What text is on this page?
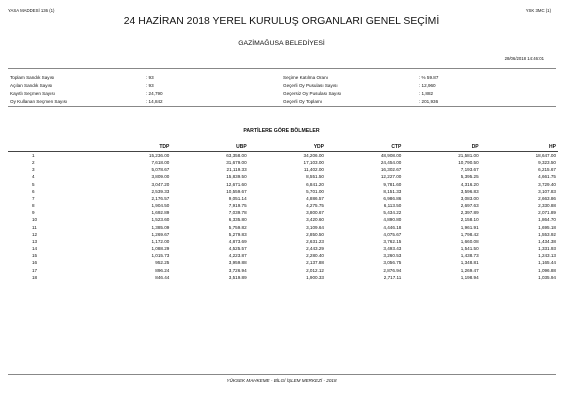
YASA MADDESİ 136 (1)	YSK 3MC (1)
24 HAZİRAN 2018 YEREL KURULUŞ ORGANLARI GENEL SEÇİMİ
GAZİMAĞUSA BELEDİYESİ
28/06/2018 14:46:01
Toplam Sandık Sayısı	: 93
Açılan Sandık Sayısı	: 93
Kayıtlı Seçmen Sayısı	: 24,790
Oy Kullanan Seçmen Sayısı	: 14,842
Seçime Katılma Oranı	: % 59.87
Geçerli Oy Pusulası Sayısı	: 12,960
Geçersiz Oy Pusulası Sayısı	: 1,882
Geçerli Oy Toplamı	: 201,936
PARTİLERE GÖRE BÖLMELER
	TDP	UBP	YDP	CTP	DP	HP
1	15,236.00	63,358.00	34,206.00	48,908.00	21,581.00	18,647.00
2	7,618.00	31,679.00	17,103.00	24,454.00	10,790.50	9,323.50
3	5,078.67	21,119.33	11,402.00	16,302.67	7,193.67	6,215.67
4	3,809.00	15,839.50	8,551.50	12,227.00	5,395.25	4,661.75
5	3,047.20	12,671.60	6,841.20	9,781.60	4,316.20	3,729.40
6	2,539.33	10,559.67	5,701.00	8,151.33	3,596.83	3,107.83
7	2,176.57	9,051.14	4,886.57	6,986.86	3,083.00	2,663.86
8	1,904.50	7,919.75	4,275.75	6,113.50	2,697.63	2,330.88
9	1,692.89	7,039.78	3,800.67	5,434.22	2,397.89	2,071.89
10	1,523.60	6,335.80	3,420.60	4,890.80	2,158.10	1,864.70
11	1,385.09	5,759.82	3,109.64	4,446.18	1,961.91	1,695.18
12	1,269.67	5,279.83	2,850.50	4,075.67	1,798.42	1,553.92
13	1,172.00	4,873.69	2,631.23	3,762.15	1,660.08	1,434.38
14	1,088.29	4,525.57	2,443.29	3,493.43	1,541.50	1,331.93
15	1,015.73	4,223.87	2,280.40	3,260.53	1,438.73	1,243.13
16	952.25	3,959.88	2,137.88	3,056.75	1,348.81	1,165.44
17	896.24	3,726.94	2,012.12	2,876.94	1,269.47	1,096.88
18	846.44	3,519.89	1,900.33	2,717.11	1,198.94	1,035.94
YÜKSEK MAHKEME - BİLGİ İŞLEM MERKEZİ - 2018
